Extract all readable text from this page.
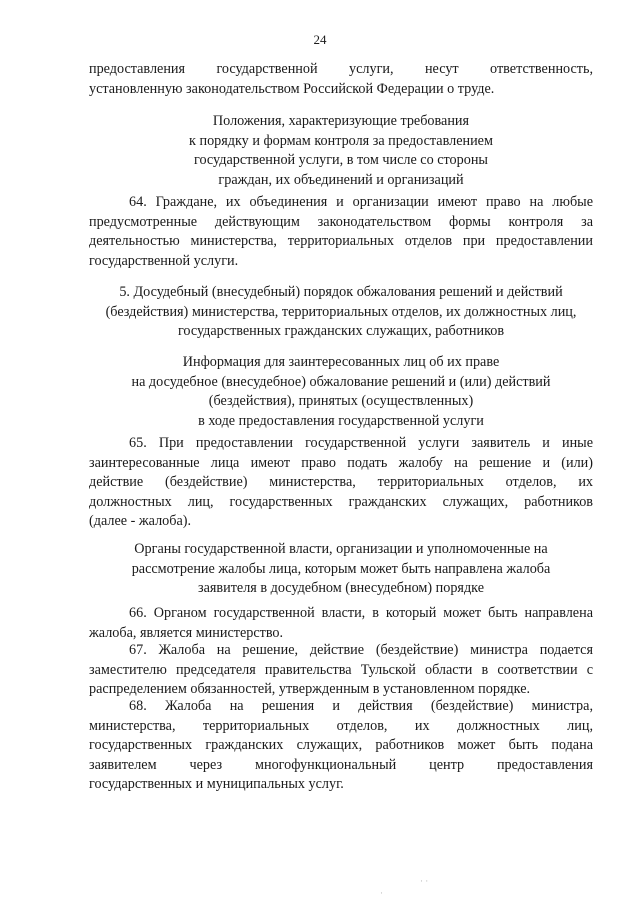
24
предоставления государственной услуги, несут ответственность,
установленную законодательством Российской Федерации о труде.
Положения, характеризующие требования
к порядку и формам контроля за предоставлением
государственной услуги, в том числе со стороны
граждан, их объединений и организаций
64. Граждане, их объединения и организации имеют право на любые
предусмотренные действующим законодательством формы контроля за
деятельностью министерства, территориальных отделов при предоставлении
государственной услуги.
5. Досудебный (внесудебный) порядок обжалования решений и действий
(бездействия) министерства, территориальных отделов, их должностных лиц,
государственных гражданских служащих, работников
Информация для заинтересованных лиц об их праве
на досудебное (внесудебное) обжалование решений и (или) действий
(бездействия), принятых (осуществленных)
в ходе предоставления государственной услуги
65. При предоставлении государственной услуги заявитель и иные
заинтересованные лица имеют право подать жалобу на решение и (или)
действие (бездействие) министерства, территориальных отделов, их
должностных лиц, государственных гражданских служащих, работников
(далее - жалоба).
Органы государственной власти, организации и уполномоченные на
рассмотрение жалобы лица, которым может быть направлена жалоба
заявителя в досудебном (внесудебном) порядке
66. Органом государственной власти, в который может быть направлена
жалоба, является министерство.
67. Жалоба на решение, действие (бездействие) министра подается
заместителю председателя правительства Тульской области в соответствии с
распределением обязанностей, утвержденным в установленном порядке.
68. Жалоба на решения и действия (бездействие) министра,
министерства, территориальных отделов, их должностных лиц,
государственных гражданских служащих, работников может быть подана
заявителем через многофункциональный центр предоставления
государственных и муниципальных услуг.
· ·
·
